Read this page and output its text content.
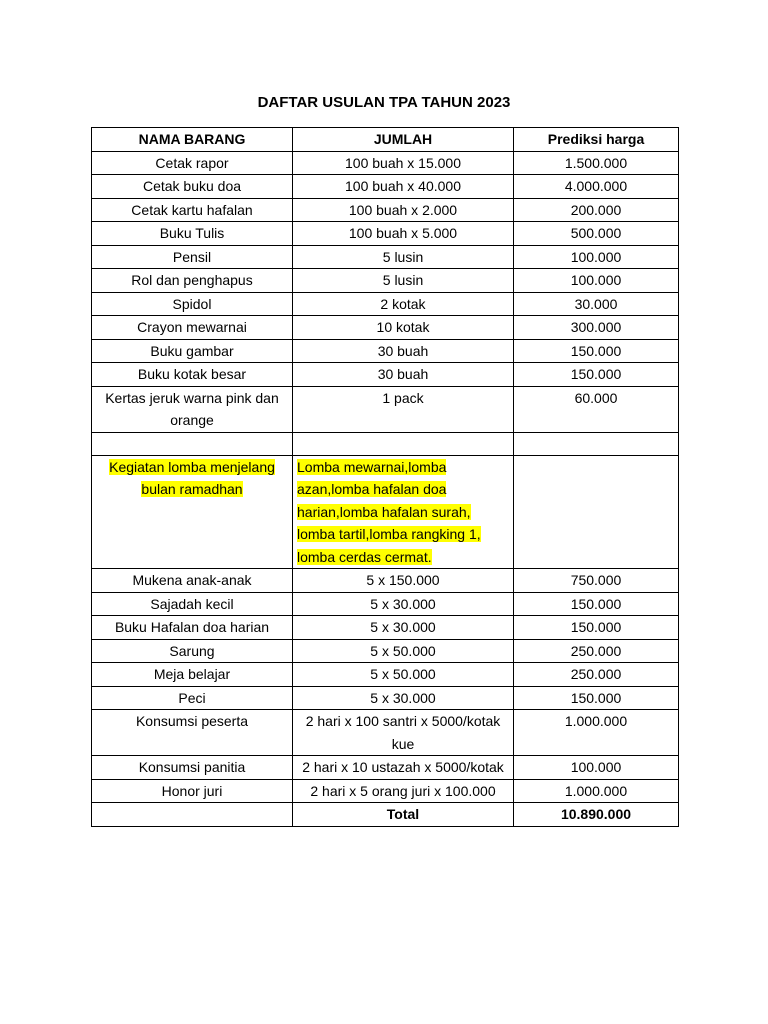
DAFTAR USULAN TPA TAHUN 2023
NAMA BARANG	JUMLAH	Prediksi harga
Cetak rapor	100 buah x 15.000	1.500.000
Cetak buku doa	100 buah x 40.000	4.000.000
Cetak kartu hafalan	100 buah x 2.000	200.000
Buku Tulis	100 buah x 5.000	500.000
Pensil	5 lusin	100.000
Rol dan penghapus	5 lusin	100.000
Spidol	2 kotak	30.000
Crayon mewarnai	10 kotak	300.000
Buku gambar	30 buah	150.000
Buku kotak besar	30 buah	150.000
Kertas jeruk warna pink dan orange	1 pack	60.000

Kegiatan lomba menjelang bulan ramadhan	Lomba mewarnai,lomba azan,lomba hafalan doa harian,lomba hafalan surah, lomba tartil,lomba rangking 1, lomba cerdas cermat.	
Mukena anak-anak	5 x 150.000	750.000
Sajadah kecil	5 x 30.000	150.000
Buku Hafalan doa harian	5 x 30.000	150.000
Sarung	5 x 50.000	250.000
Meja belajar	5 x 50.000	250.000
Peci	5 x 30.000	150.000
Konsumsi peserta	2 hari x 100 santri x 5000/kotak kue	1.000.000
Konsumsi panitia	2 hari x 10 ustazah x 5000/kotak	100.000
Honor juri	2 hari x 5 orang juri x 100.000	1.000.000
	Total	10.890.000
